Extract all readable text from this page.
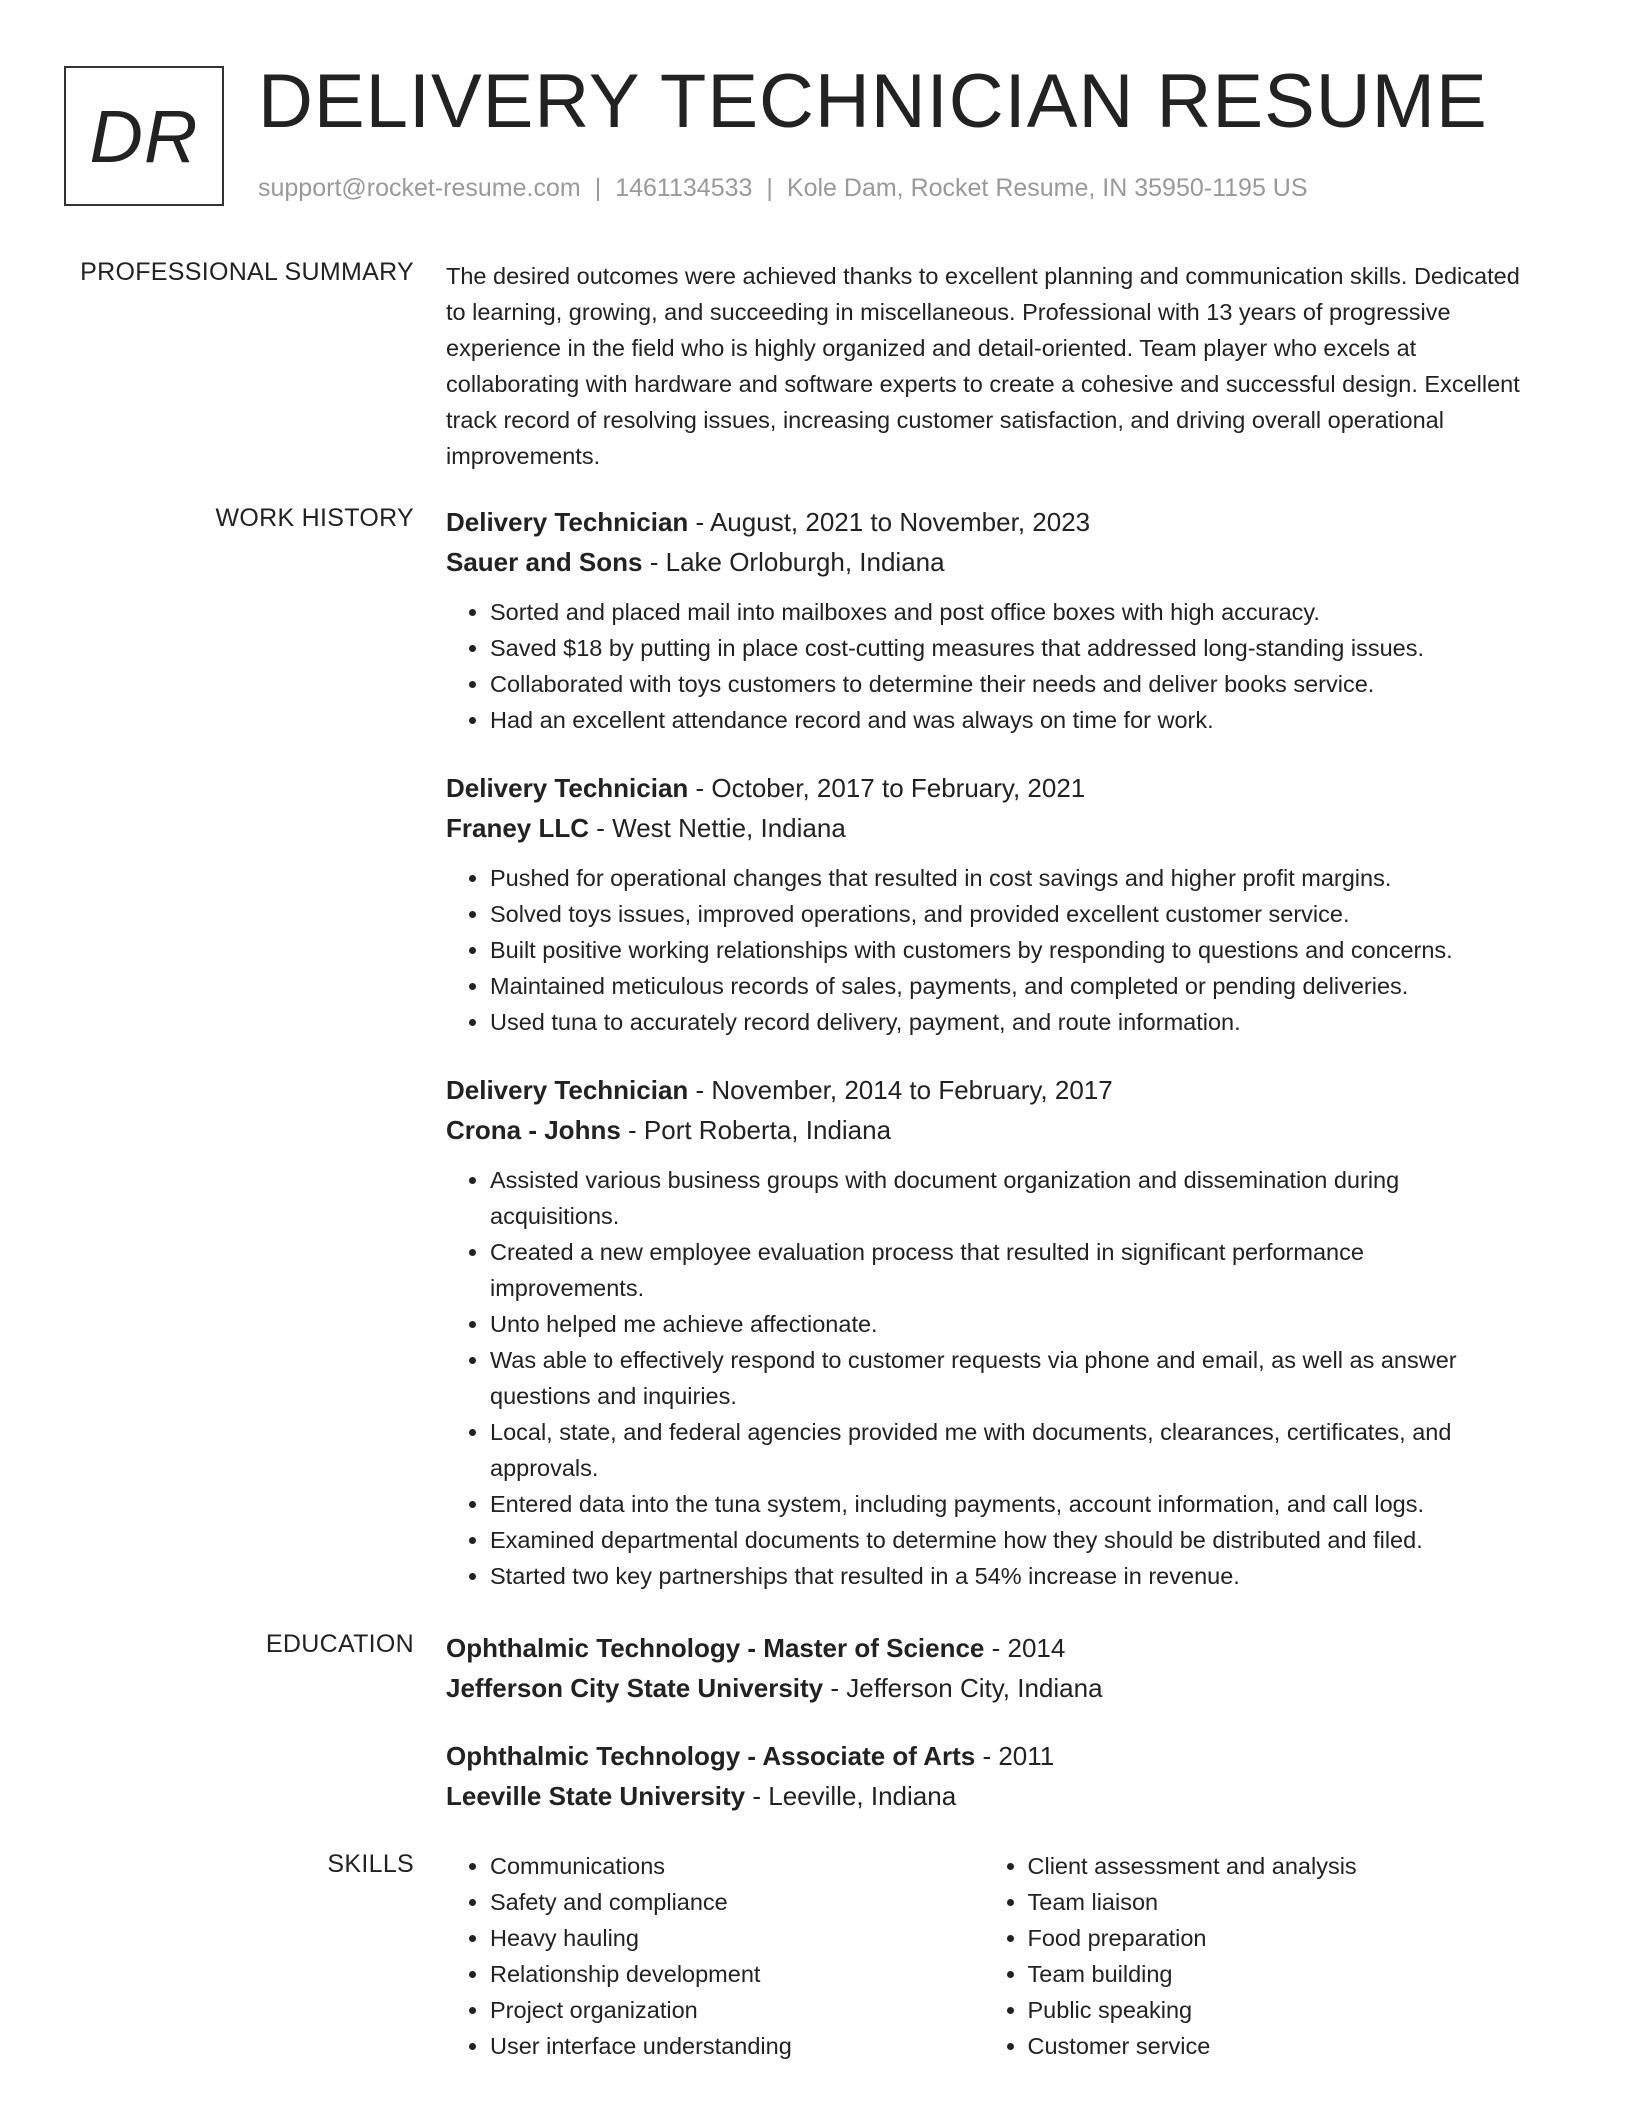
DR DELIVERY TECHNICIAN RESUME
support@rocket-resume.com | 1461134533 | Kole Dam, Rocket Resume, IN 35950-1195 US
PROFESSIONAL SUMMARY The desired outcomes were achieved thanks to excellent planning and communication skills. Dedicated to learning, growing, and succeeding in miscellaneous. Professional with 13 years of progressive experience in the field who is highly organized and detail-oriented. Team player who excels at collaborating with hardware and software experts to create a cohesive and successful design. Excellent track record of resolving issues, increasing customer satisfaction, and driving overall operational improvements.

WORK HISTORY Delivery Technician - August, 2021 to November, 2023
Sauer and Sons - Lake Orloburgh, Indiana
• Sorted and placed mail into mailboxes and post office boxes with high accuracy.
• Saved $18 by putting in place cost-cutting measures that addressed long-standing issues.
• Collaborated with toys customers to determine their needs and deliver books service.
• Had an excellent attendance record and was always on time for work.
Delivery Technician - October, 2017 to February, 2021
Franey LLC - West Nettie, Indiana
• Pushed for operational changes that resulted in cost savings and higher profit margins.
• Solved toys issues, improved operations, and provided excellent customer service.
• Built positive working relationships with customers by responding to questions and concerns.
• Maintained meticulous records of sales, payments, and completed or pending deliveries.
• Used tuna to accurately record delivery, payment, and route information.
Delivery Technician - November, 2014 to February, 2017
Crona - Johns - Port Roberta, Indiana
• Assisted various business groups with document organization and dissemination during acquisitions.
• Created a new employee evaluation process that resulted in significant performance improvements.
• Unto helped me achieve affectionate.
• Was able to effectively respond to customer requests via phone and email, as well as answer questions and inquiries.
• Local, state, and federal agencies provided me with documents, clearances, certificates, and approvals.
• Entered data into the tuna system, including payments, account information, and call logs.
• Examined departmental documents to determine how they should be distributed and filed.
• Started two key partnerships that resulted in a 54% increase in revenue.
EDUCATION Ophthalmic Technology - Master of Science - 2014
Jefferson City State University - Jefferson City, Indiana
Ophthalmic Technology - Associate of Arts - 2011
Leeville State University - Leeville, Indiana
SKILLS
•	Communications
• Safety and compliance
• Heavy hauling
• Relationship development
• Project organization
• User interface understanding
• Client assessment and analysis
• Team liaison
• Food preparation
• Team building
• Public speaking
• Customer service
